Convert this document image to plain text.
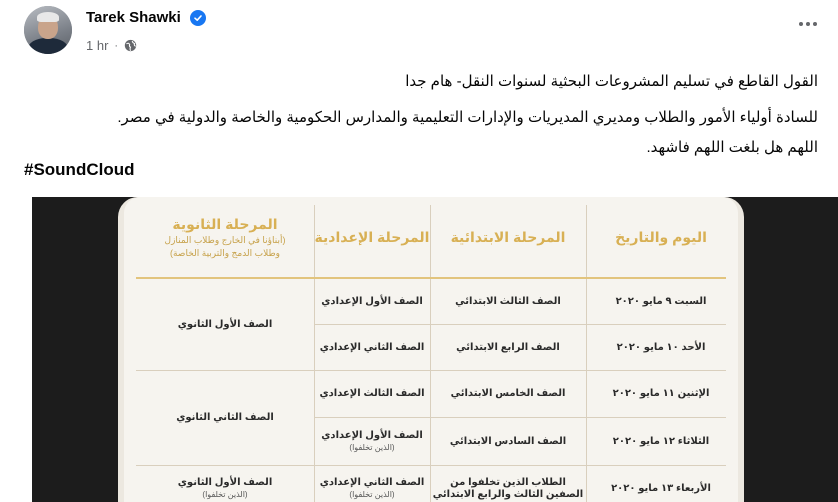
Tarek Shawki
1 hr ·
القول القاطع في تسليم المشروعات البحثية لسنوات النقل- هام جدا
للسادة أولياء الأمور والطلاب ومديري المديريات والإدارات التعليمية والمدارس الحكومية والخاصة والدولية في مصر.
اللهم هل بلغت اللهم فاشهد.
#SoundCloud
اليوم والتاريخ
المرحلة الابتدائية
المرحلة الإعدادية
المرحلة الثانوية
(أبناؤنا في الخارج وطلاب المنازل
وطلاب الدمج والتربية الخاصة)
السبت ٩ مايو ٢٠٢٠
الصف الثالث الابتدائي
الصف الأول الإعدادي
الأحد ١٠ مايو ٢٠٢٠
الصف الرابع الابتدائي
الصف الثاني الإعدادي
الإثنين ١١ مايو ٢٠٢٠
الصف الخامس الابتدائي
الصف الثالث الإعدادي
الثلاثاء ١٢ مايو ٢٠٢٠
الصف السادس الابتدائي
الصف الأول الإعدادي
(الذين تخلفوا)
الأربعاء ١٣ مايو ٢٠٢٠
الطلاب الذين تخلفوا من
الصفين الثالث والرابع الابتدائي
الصف الثاني الإعدادي
(الذين تخلفوا)
الصف الأول الثانوي
الصف الثاني الثانوي
الصف الأول الثانوي
(الذين تخلفوا)
